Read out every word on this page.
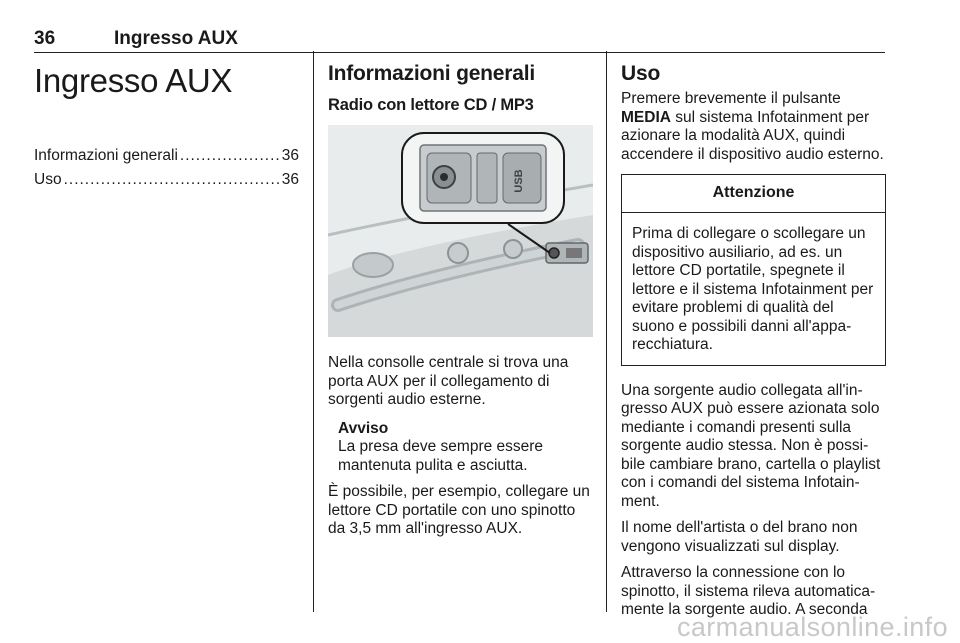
36	Ingresso AUX
Ingresso AUX
Informazioni generali .....	36
Uso .....	36
Informazioni generali
Radio con lettore CD / MP3
USB

Nella consolle centrale si trova una porta AUX per il collegamento di sorgenti audio esterne.

Avviso

La presa deve sempre essere mantenuta pulita e asciutta.

È possibile, per esempio, collegare un lettore CD portatile con uno spinotto da 3,5 mm all'ingresso AUX.

Uso

Premere brevemente il pulsante MEDIA sul sistema Infotainment per azionare la modalità AUX, quindi accendere il dispositivo audio esterno.

Attenzione

Prima di collegare o scollegare un dispositivo ausiliario, ad es. un lettore CD portatile, spegnete il lettore e il sistema Infotainment per evitare problemi di qualità del suono e possibili danni all'appa-recchiatura.

Una sorgente audio collegata all'in-gresso AUX può essere azionata solo mediante i comandi presenti sulla sorgente audio stessa. Non è possi-bile cambiare brano, cartella o playlist con i comandi del sistema Infotain-ment.

Il nome dell'artista o del brano non vengono visualizzati sul display.

Attraverso la connessione con lo spinotto, il sistema rileva automatica-mente la sorgente audio. A seconda

carmanualsonline.info
